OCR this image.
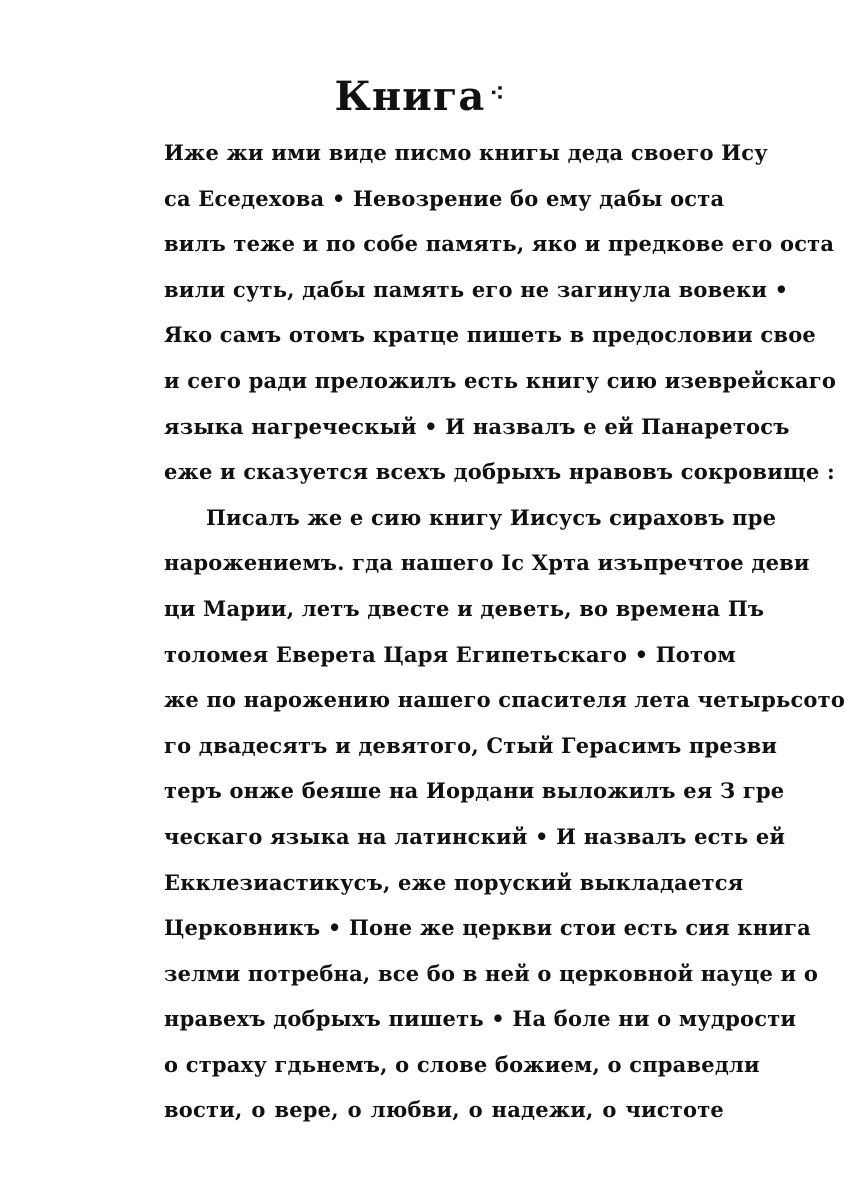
Книга ⁖
Иже жи ими виде писмо книгы деда своего Ису
са Еседехова • Невозрение бо ему дабы оста
вилъ теже и по собе память, яко и предкове его оста
вили суть, дабы память его не загинула вовеки •
Яко самъ отомъ кратце пишеть в предословии свое
и сего ради преложилъ есть книгу сию изеврейскаго
языка нагреческый • И назвалъ е ей Панаретосъ
еже и сказуется всехъ добрыхъ нравовъ сокровище :
Писалъ же е сию книгу Иисусъ сираховъ пре
нарожениемъ. гда нашего Іс Хрта изъпречтое деви
ци Марии, летъ двесте и деветь, во времена Пъ
толомея Еверета Царя Египетьскаго • Потом
же по нарожению нашего спасителя лета четырьсото
го двадесятъ и девятого, Стый Герасимъ презви
теръ онже беяше на Иордани выложилъ ея З гре
ческаго языка на латинский • И назвалъ есть ей
Екклезиастикусъ, еже поруский выкладается
Церковникъ • Поне же церкви стои есть сия книга
зелми потребна, все бо в ней о церковной науце и о
нравехъ добрыхъ пишеть • На боле ни о мудрости
о страху гдьнемъ, о слове божием, о справедли
вости, о вере, о любви, о надежи, о чистоте
